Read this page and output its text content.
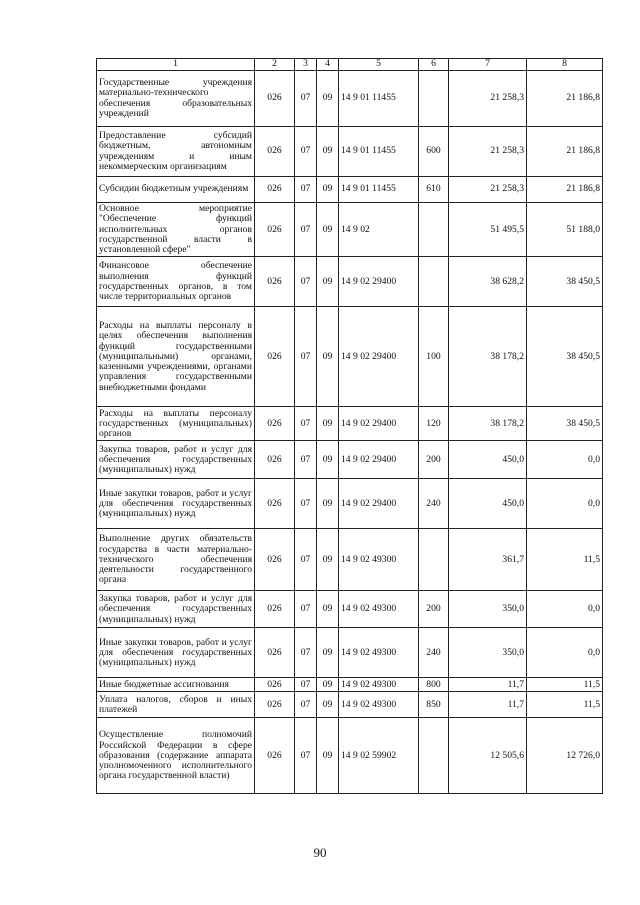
1	2	3	4	5	6	7	8
Государственные учреждения материально-технического обеспечения образовательных учреждений	026	07	09	14 9 01 11455		21 258,3	21 186,8
Предоставление субсидий бюджетным, автономным учреждениям и иным некоммерческим организациям	026	07	09	14 9 01 11455	600	21 258,3	21 186,8
Субсидии бюджетным учреждениям	026	07	09	14 9 01 11455	610	21 258,3	21 186,8
Основное мероприятие "Обеспечение функций исполнительных органов государственной власти в установленной сфере"	026	07	09	14 9 02		51 495,5	51 188,0
Финансовое обеспечение выполнения функций государственных органов, в том числе территориальных органов	026	07	09	14 9 02 29400		38 628,2	38 450,5
Расходы на выплаты персоналу в целях обеспечения выполнения функций государственными (муниципальными) органами, казенными учреждениями, органами управления государственными внебюджетными фондами	026	07	09	14 9 02 29400	100	38 178,2	38 450,5
Расходы на выплаты персоналу государственных (муниципальных) органов	026	07	09	14 9 02 29400	120	38 178,2	38 450,5
Закупка товаров, работ и услуг для обеспечения государственных (муниципальных) нужд	026	07	09	14 9 02 29400	200	450,0	0,0
Иные закупки товаров, работ и услуг для обеспечения государственных (муниципальных) нужд	026	07	09	14 9 02 29400	240	450,0	0,0
Выполнение других обязательств государства в части материально-технического обеспечения деятельности государственного органа	026	07	09	14 9 02 49300		361,7	11,5
Закупка товаров, работ и услуг для обеспечения государственных (муниципальных) нужд	026	07	09	14 9 02 49300	200	350,0	0,0
Иные закупки товаров, работ и услуг для обеспечения государственных (муниципальных) нужд	026	07	09	14 9 02 49300	240	350,0	0,0
Иные бюджетные ассигнования	026	07	09	14 9 02 49300	800	11,7	11,5
Уплата налогов, сборов и иных платежей	026	07	09	14 9 02 49300	850	11,7	11,5
Осуществление полномочий Российской Федерации в сфере образования (содержание аппарата уполномоченного исполнительного органа государственной власти)	026	07	09	14 9 02 59902		12 505,6	12 726,0
90
